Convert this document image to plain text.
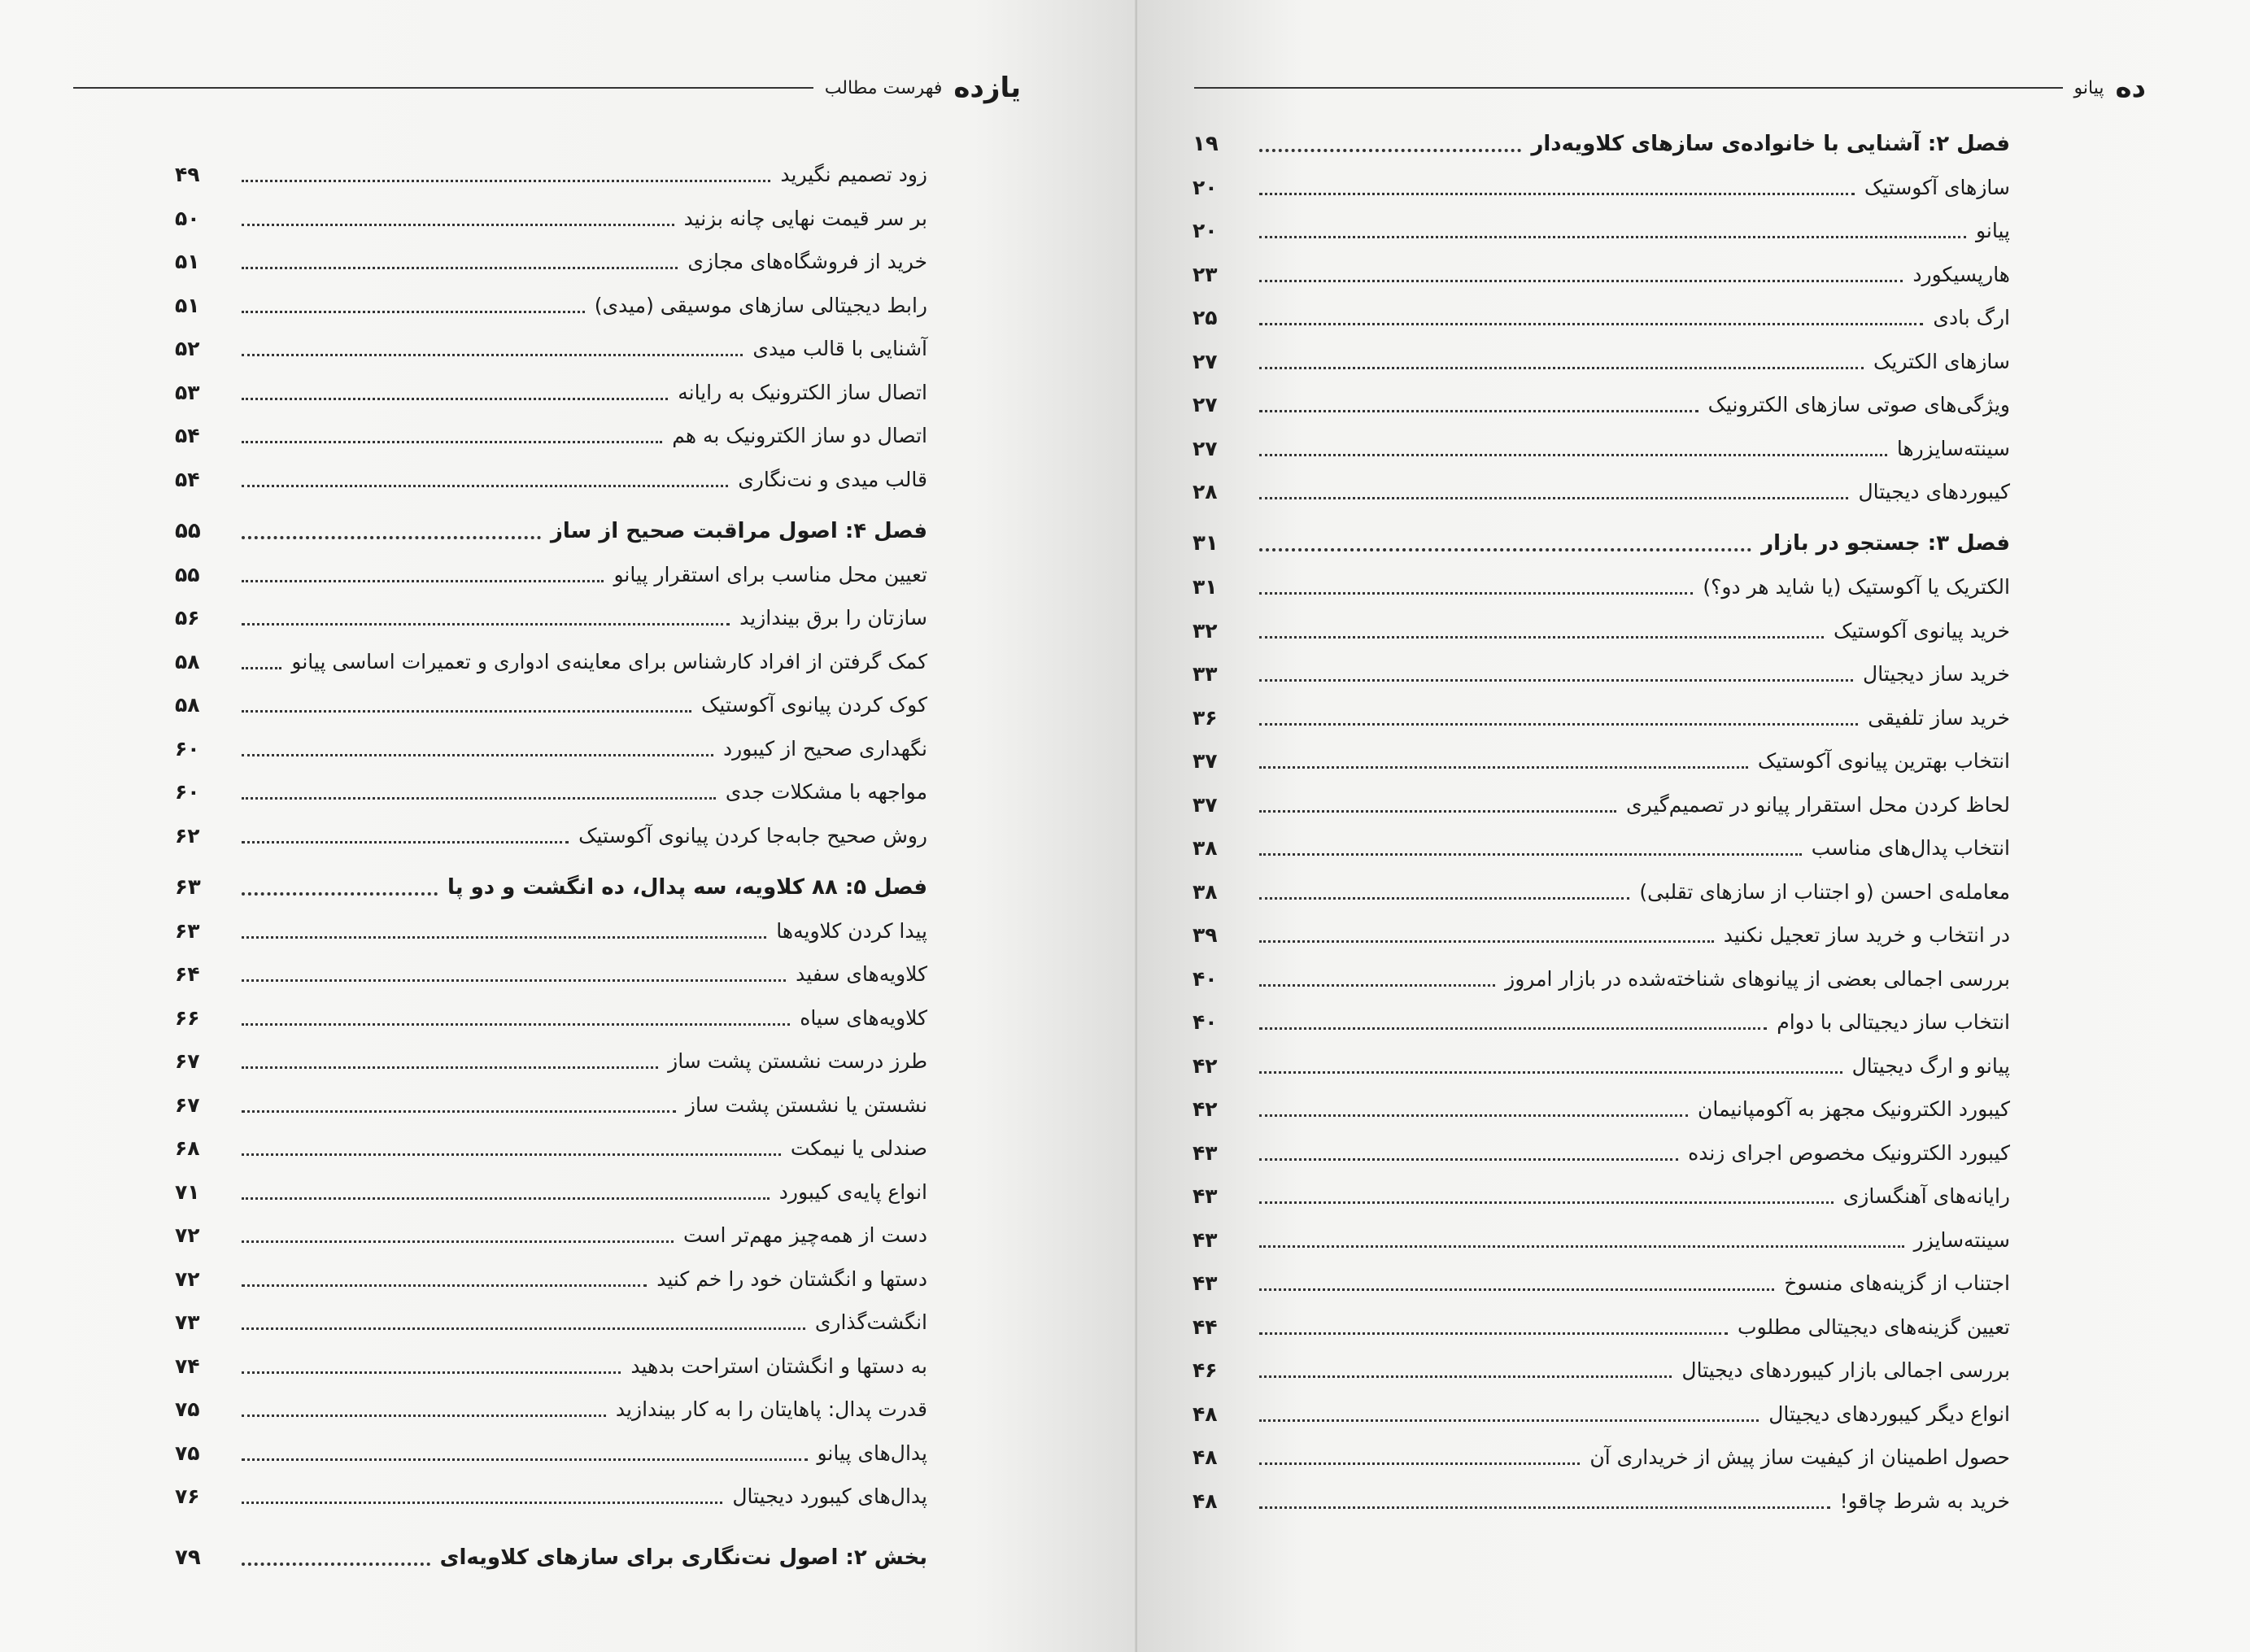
یازده
فهرست مطالب
زود تصمیم نگیرید
۴۹
بر سر قیمت نهایی چانه بزنید
۵۰
خرید از فروشگاه‌های مجازی
۵۱
رابط دیجیتالی سازهای موسیقی (میدی)
۵۱
آشنایی با قالب میدی
۵۲
اتصال ساز الکترونیک به رایانه
۵۳
اتصال دو ساز الکترونیک به هم
۵۴
قالب میدی و نت‌نگاری
۵۴
فصل ۴: اصول مراقبت صحیح از ساز
۵۵
تعیین محل مناسب برای استقرار پیانو
۵۵
سازتان را برق بیندازید
۵۶
کمک گرفتن از افراد کارشناس برای معاینه‌ی ادواری و تعمیرات اساسی پیانو
۵۸
کوک کردن پیانوی آکوستیک
۵۸
نگهداری صحیح از کیبورد
۶۰
مواجهه با مشکلات جدی
۶۰
روش صحیح جابه‌جا کردن پیانوی آکوستیک
۶۲
فصل ۵: ۸۸ کلاویه، سه پدال، ده انگشت و دو پا
۶۳
پیدا کردن کلاویه‌ها
۶۳
کلاویه‌های سفید
۶۴
کلاویه‌های سیاه
۶۶
طرز درست نشستن پشت ساز
۶۷
نشستن یا نشستن پشت ساز
۶۷
صندلی یا نیمکت
۶۸
انواع پایه‌ی کیبورد
۷۱
دست از همه‌چیز مهم‌تر است
۷۲
دستها و انگشتان خود را خم کنید
۷۲
انگشت‌گذاری
۷۳
به دستها و انگشتان استراحت بدهید
۷۴
قدرت پدال: پاهایتان را به کار بیندازید
۷۵
پدال‌های پیانو
۷۵
پدال‌های کیبورد دیجیتال
۷۶
بخش ۲: اصول نت‌نگاری برای سازهای کلاویه‌ای
۷۹
ده
پیانو
فصل ۲: آشنایی با خانواده‌ی سازهای کلاویه‌دار
۱۹
سازهای آکوستیک
۲۰
پیانو
۲۰
هارپسیکورد
۲۳
ارگ بادی
۲۵
سازهای الکتریک
۲۷
ویژگی‌های صوتی سازهای الکترونیک
۲۷
سینته‌سایزرها
۲۷
کیبوردهای دیجیتال
۲۸
فصل ۳: جستجو در بازار
۳۱
الکتریک یا آکوستیک (یا شاید هر دو؟)
۳۱
خرید پیانوی آکوستیک
۳۲
خرید ساز دیجیتال
۳۳
خرید ساز تلفیقی
۳۶
انتخاب بهترین پیانوی آکوستیک
۳۷
لحاظ کردن محل استقرار پیانو در تصمیم‌گیری
۳۷
انتخاب پدال‌های مناسب
۳۸
معامله‌ی احسن (و اجتناب از سازهای تقلبی)
۳۸
در انتخاب و خرید ساز تعجیل نکنید
۳۹
بررسی اجمالی بعضی از پیانوهای شناخته‌شده در بازار امروز
۴۰
انتخاب ساز دیجیتالی با دوام
۴۰
پیانو و ارگ دیجیتال
۴۲
کیبورد الکترونیک مجهز به آکومپانیمان
۴۲
کیبورد الکترونیک مخصوص اجرای زنده
۴۳
رایانه‌های آهنگسازی
۴۳
سینته‌سایزر
۴۳
اجتناب از گزینه‌های منسوخ
۴۳
تعیین گزینه‌های دیجیتالی مطلوب
۴۴
بررسی اجمالی بازار کیبوردهای دیجیتال
۴۶
انواع دیگر کیبوردهای دیجیتال
۴۸
حصول اطمینان از کیفیت ساز پیش از خریداری آن
۴۸
خرید به شرط چاقو!
۴۸
